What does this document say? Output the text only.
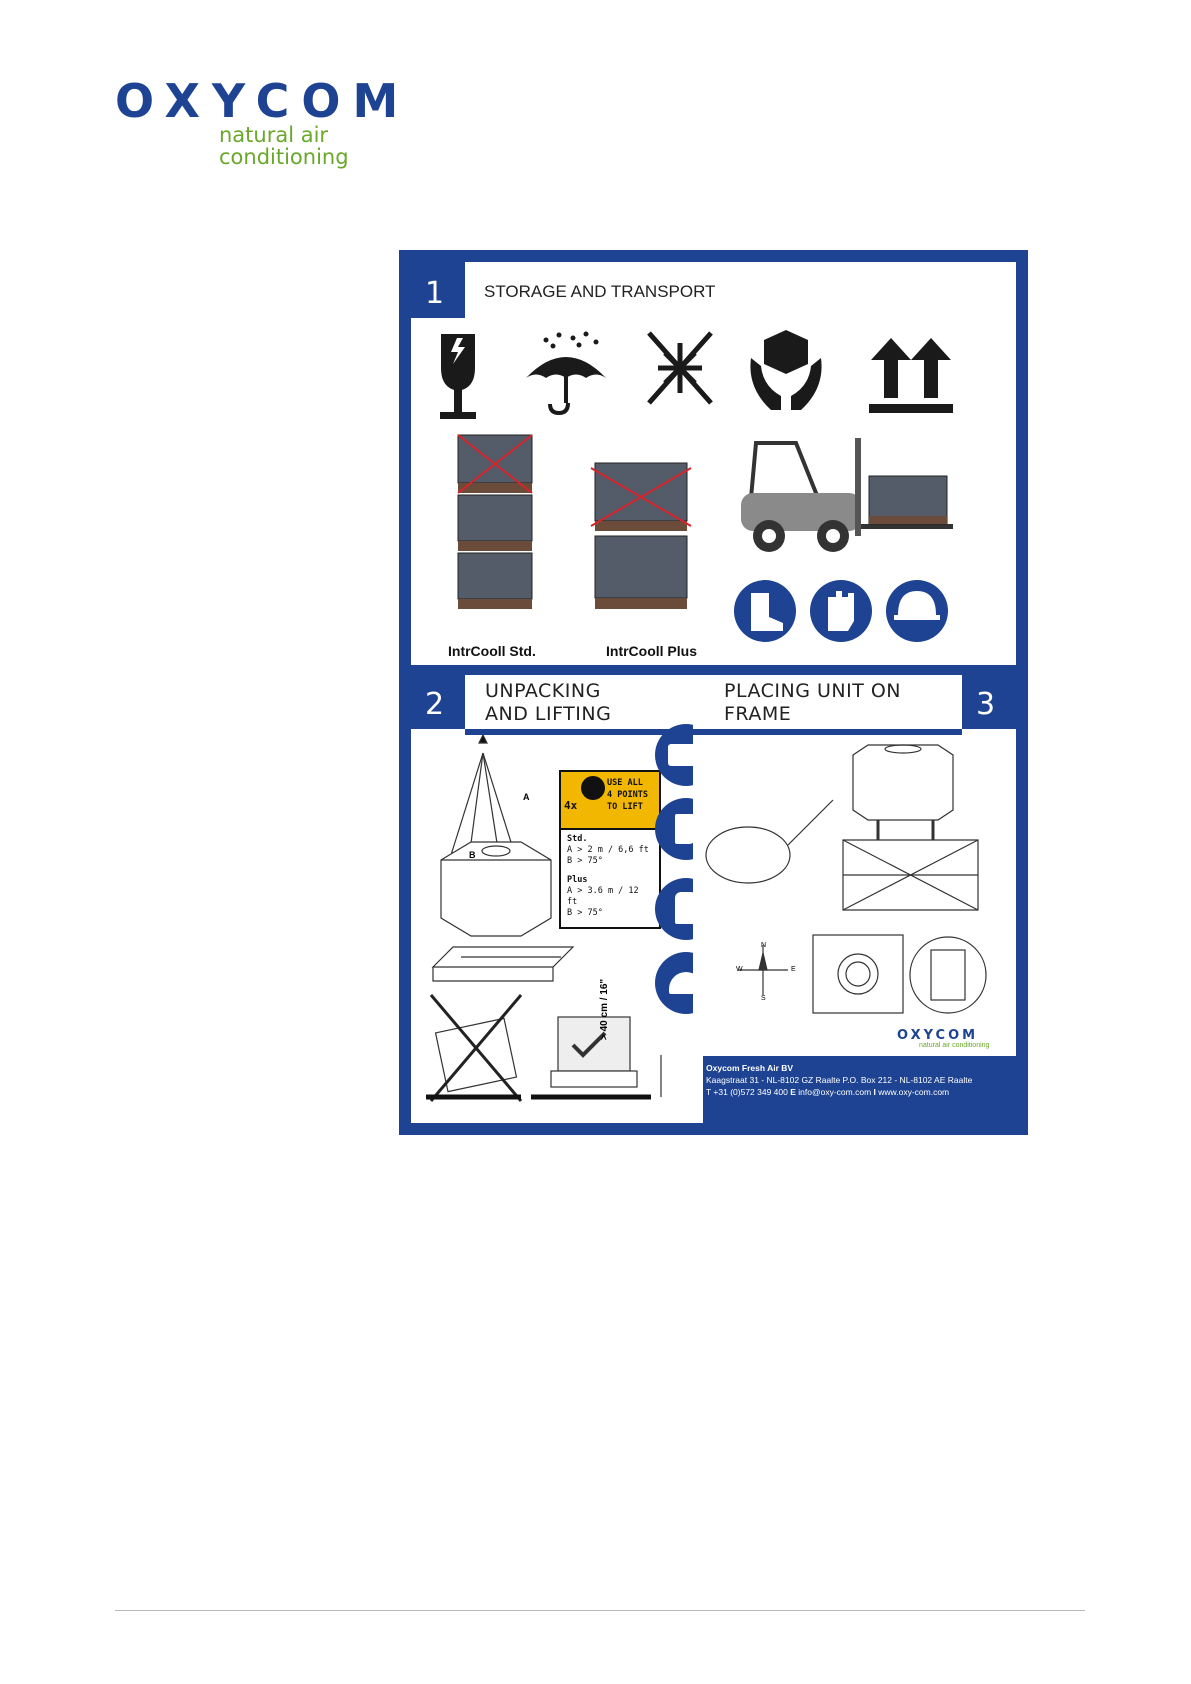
OXYCOM
natural air conditioning
1 STORAGE AND TRANSPORT
IntrCooll Std.	IntrCooll Plus
2 UNPACKING
AND LIFTING
A
B
> 40 cm / 16"
4x
USE ALL
4 POINTS
TO LIFT
Std.
A > 2 m / 6,6 ft
B > 75°
Plus
A > 3.6 m / 12 ft
B > 75°
3
PLACING UNIT ON
FRAME
N
E
S
W
OXYCOM
natural air conditioning
Oxycom Fresh Air BV
Kaagstraat 31 - NL-8102 GZ Raalte P.O. Box 212 - NL-8102 AE Raalte
T +31 (0)572 349 400 E info@oxy-com.com I www.oxy-com.com
